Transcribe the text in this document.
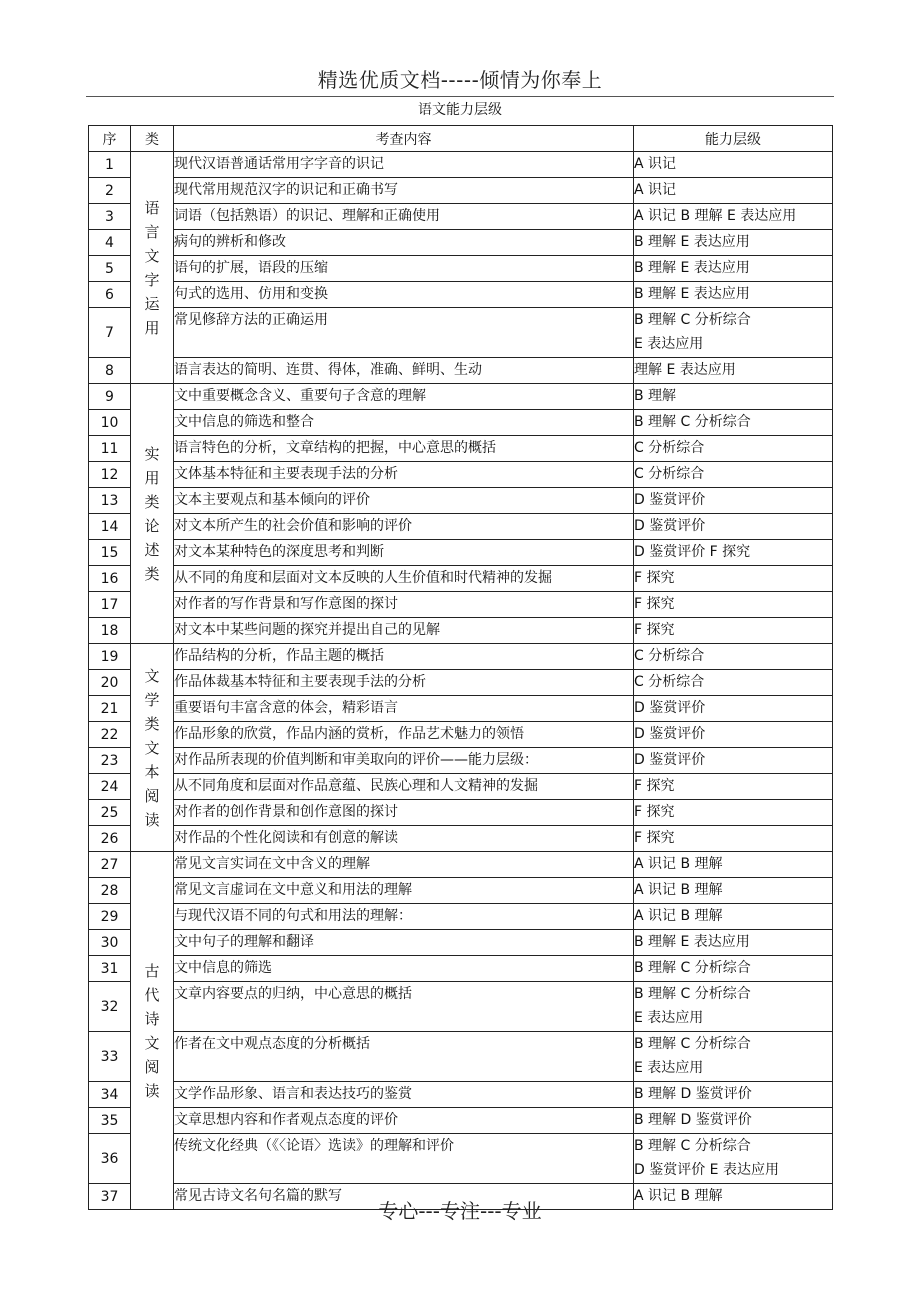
精选优质文档-----倾情为你奉上
语文能力层级
序	类	考查内容	能力层级
1	语言文字运用	现代汉语普通话常用字字音的识记	A 识记

2		现代常用规范汉字的识记和正确书写	A 识记

3		词语（包括熟语）的识记、理解和正确使用	A 识记 B 理解 E 表达应用

4		病句的辨析和修改	B 理解 E 表达应用

5		语句的扩展，语段的压缩	B 理解 E 表达应用

6		句式的选用、仿用和变换	B 理解 E 表达应用

7		常见修辞方法的正确运用	B 理解 C 分析综合
E 表达应用

8		语言表达的简明、连贯、得体，准确、鲜明、生动	理解 E 表达应用

9	实用类论述类	文中重要概念含义、重要句子含意的理解	B 理解

10		文中信息的筛选和整合	B 理解 C 分析综合

11		语言特色的分析，文章结构的把握，中心意思的概括	C 分析综合

12		文体基本特征和主要表现手法的分析	C 分析综合

13		文本主要观点和基本倾向的评价	D 鉴赏评价

14		对文本所产生的社会价值和影响的评价	D 鉴赏评价

15		对文本某种特色的深度思考和判断	D 鉴赏评价 F 探究

16		从不同的角度和层面对文本反映的人生价值和时代精神的发掘	F 探究

17		对作者的写作背景和写作意图的探讨	F 探究

18		对文本中某些问题的探究并提出自己的见解	F 探究

19	文学类文本阅读	作品结构的分析，作品主题的概括	C 分析综合

20		作品体裁基本特征和主要表现手法的分析	C 分析综合

21		重要语句丰富含意的体会，精彩语言	D 鉴赏评价

22		作品形象的欣赏，作品内涵的赏析，作品艺术魅力的领悟	D 鉴赏评价

23		对作品所表现的价值判断和审美取向的评价——能力层级：	D 鉴赏评价

24		从不同角度和层面对作品意蕴、民族心理和人文精神的发掘	F 探究

25		对作者的创作背景和创作意图的探讨	F 探究

26		对作品的个性化阅读和有创意的解读	F 探究

27	古代诗文阅读	常见文言实词在文中含义的理解	A 识记 B 理解

28		常见文言虚词在文中意义和用法的理解	A 识记 B 理解

29		与现代汉语不同的句式和用法的理解：	A 识记 B 理解

30		文中句子的理解和翻译	B 理解 E 表达应用

31		文中信息的筛选	B 理解 C 分析综合

32		文章内容要点的归纳，中心意思的概括	B 理解 C 分析综合
E 表达应用

33		作者在文中观点态度的分析概括	B 理解 C 分析综合
E 表达应用

34		文学作品形象、语言和表达技巧的鉴赏	B 理解 D 鉴赏评价

35		文章思想内容和作者观点态度的评价	B 理解 D 鉴赏评价

36		传统文化经典（《〈论语〉选读》的理解和评价	B 理解 C 分析综合
D 鉴赏评价 E 表达应用

37		常见古诗文名句名篇的默写	A 识记 B 理解
专心---专注---专业
